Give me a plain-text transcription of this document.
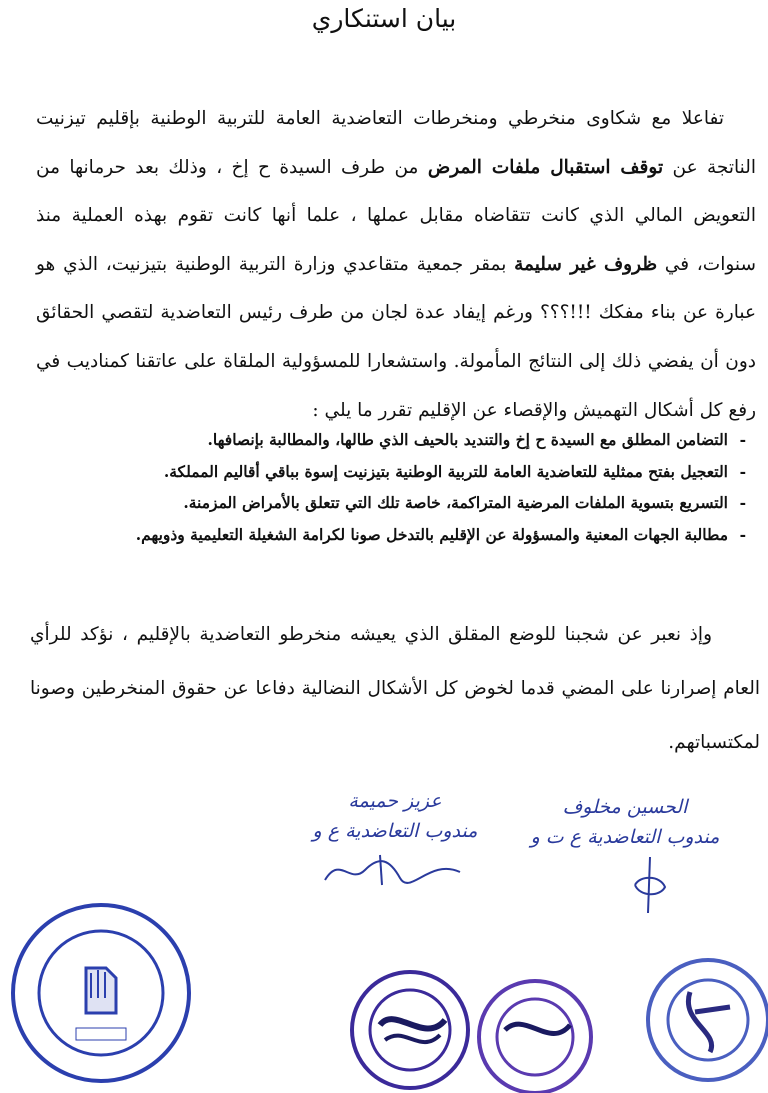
بيان استنكاري
تفاعلا مع شكاوى منخرطي ومنخرطات التعاضدية العامة للتربية الوطنية بإقليم تيزنيت الناتجة عن توقف استقبال ملفات المرض من طرف السيدة ح إخ ، وذلك بعد حرمانها من التعويض المالي الذي كانت تتقاضاه مقابل عملها ، علما أنها كانت تقوم بهذه العملية منذ سنوات، في ظروف غير سليمة بمقر جمعية متقاعدي وزارة التربية الوطنية بتيزنيت، الذي هو عبارة عن بناء مفكك !!!؟؟؟ ورغم إيفاد عدة لجان من طرف رئيس التعاضدية لتقصي الحقائق دون أن يفضي ذلك إلى النتائج المأمولة. واستشعارا للمسؤولية الملقاة على عاتقنا كمناديب في رفع كل أشكال التهميش والإقصاء عن الإقليم تقرر ما يلي :
- التضامن المطلق مع السيدة ح إخ والتنديد بالحيف الذي طالها، والمطالبة بإنصافها.
- التعجيل بفتح ممثلية للتعاضدية العامة للتربية الوطنية بتيزنيت إسوة بباقي أقاليم المملكة.
- التسريع بتسوية الملفات المرضية المتراكمة، خاصة تلك التي تتعلق بالأمراض المزمنة.
- مطالبة الجهات المعنية والمسؤولة عن الإقليم بالتدخل صونا لكرامة الشغيلة التعليمية وذويهم.
وإذ نعبر عن شجبنا للوضع المقلق الذي يعيشه منخرطو التعاضدية بالإقليم ، نؤكد للرأي العام إصرارنا على المضي قدما لخوض كل الأشكال النضالية دفاعا عن حقوق المنخرطين وصونا لمكتسباتهم.
عزيز حميمة
مندوب التعاضدية ع و
الحسين مخلوف
مندوب التعاضدية ع ت و
